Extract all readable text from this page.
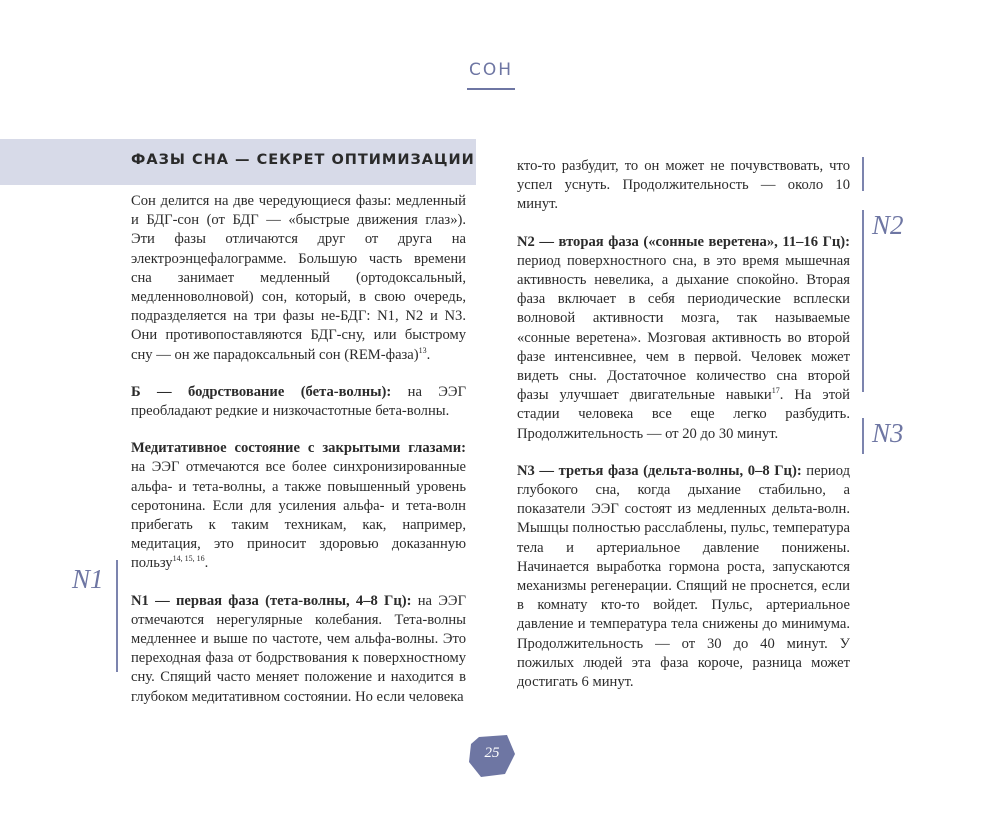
СОН
ФАЗЫ СНА — СЕКРЕТ ОПТИМИЗАЦИИ

Сон делится на две чередующиеся фазы: медленный и БДГ-сон (от БДГ — «быстрые движения глаз»). Эти фазы отличаются друг от друга на электроэнцефалограмме. Большую часть времени сна занимает медленный (ортодоксальный, медленноволновой) сон, который, в свою очередь, подразделяется на три фазы не-БДГ: N1, N2 и N3. Они противопоставляются БДГ-сну, или быстрому сну — он же парадоксальный сон (REM-фаза)$^{13}$.

Б — бодрствование (бета-волны): на ЭЭГ преобладают редкие и низкочастотные бета-волны.

Медитативное состояние с закрытыми глазами: на ЭЭГ отмечаются все более синхронизированные альфа- и тета-волны, а также повышенный уровень серотонина. Если для усиления альфа- и тета-волн прибегать к таким техникам, как, например, медитация, это приносит здоровью доказанную пользу$^{14, 15, 16}$.

N1 — первая фаза (тета-волны, 4–8 Гц): на ЭЭГ отмечаются нерегулярные колебания. Тета-волны медленнее и выше по частоте, чем альфа-волны. Это переходная фаза от бодрствования к поверхностному сну. Спящий часто меняет положение и находится в глубоком медитативном состоянии. Но если человека

N1

кто-то разбудит, то он может не почувствовать, что успел уснуть. Продолжительность — около 10 минут.

N2 — вторая фаза («сонные веретена», 11–16 Гц): период поверхностного сна, в это время мышечная активность невелика, а дыхание спокойно. Вторая фаза включает в себя периодические всплески волновой активности мозга, так называемые «сонные веретена». Мозговая активность во второй фазе интенсивнее, чем в первой. Человек может видеть сны. Достаточное количество сна второй фазы улучшает двигательные навыки$^{17}$. На этой стадии человека все еще легко разбудить. Продолжительность — от 20 до 30 минут.

N3 — третья фаза (дельта-волны, 0–8 Гц): период глубокого сна, когда дыхание стабильно, а показатели ЭЭГ состоят из медленных дельта-волн. Мышцы полностью расслаблены, пульс, температура тела и артериальное давление понижены. Начинается выработка гормона роста, запускаются механизмы регенерации. Спящий не проснется, если в комнату кто-то войдет. Пульс, артериальное давление и температура тела снижены до минимума. Продолжительность — от 30 до 40 минут. У пожилых людей эта фаза короче, разница может достигать 6 минут.

N2
N3
25
